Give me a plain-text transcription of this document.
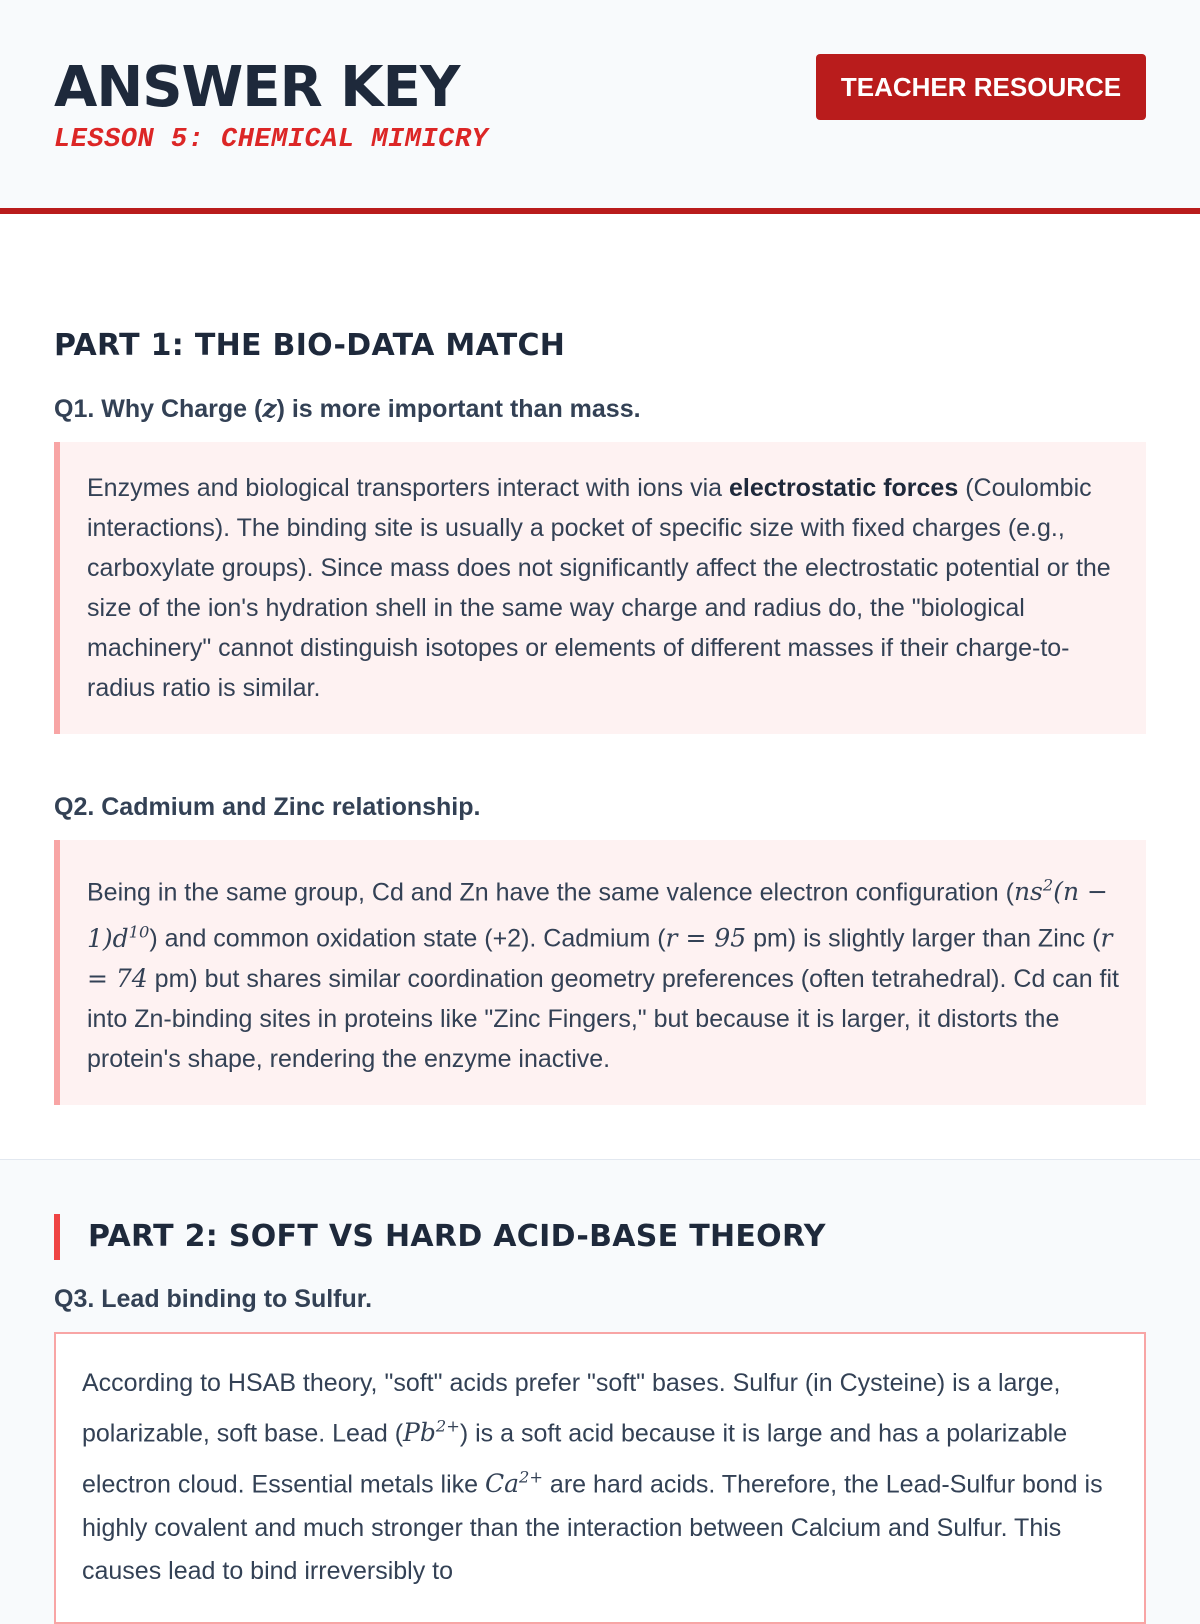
ANSWER KEY
LESSON 5: CHEMICAL MIMICRY
TEACHER RESOURCE
PART 1: THE BIO-DATA MATCH
Q1. Why Charge (z) is more important than mass.
Enzymes and biological transporters interact with ions via electrostatic forces (Coulombic interactions). The binding site is usually a pocket of specific size with fixed charges (e.g., carboxylate groups). Since mass does not significantly affect the electrostatic potential or the size of the ion's hydration shell in the same way charge and radius do, the "biological machinery" cannot distinguish isotopes or elements of different masses if their charge-to-radius ratio is similar.
Q2. Cadmium and Zinc relationship.
Being in the same group, Cd and Zn have the same valence electron configuration $(ns^2(n - 1)d^{10})$ and common oxidation state (+2). Cadmium (r = 95 pm) is slightly larger than Zinc (r = 74 pm) but shares similar coordination geometry preferences (often tetrahedral). Cd can fit into Zn-binding sites in proteins like "Zinc Fingers," but because it is larger, it distorts the protein's shape, rendering the enzyme inactive.
PART 2: SOFT VS HARD ACID-BASE THEORY
Q3. Lead binding to Sulfur.
According to HSAB theory, "soft" acids prefer "soft" bases. Sulfur (in Cysteine) is a large, polarizable, soft base. Lead $(Pb^{2+})$ is a soft acid because it is large and has a polarizable electron cloud. Essential metals like $Ca^{2+}$ are hard acids. Therefore, the Lead-Sulfur bond is highly covalent and much stronger than the interaction between Calcium and Sulfur. This causes lead to bind irreversibly to
